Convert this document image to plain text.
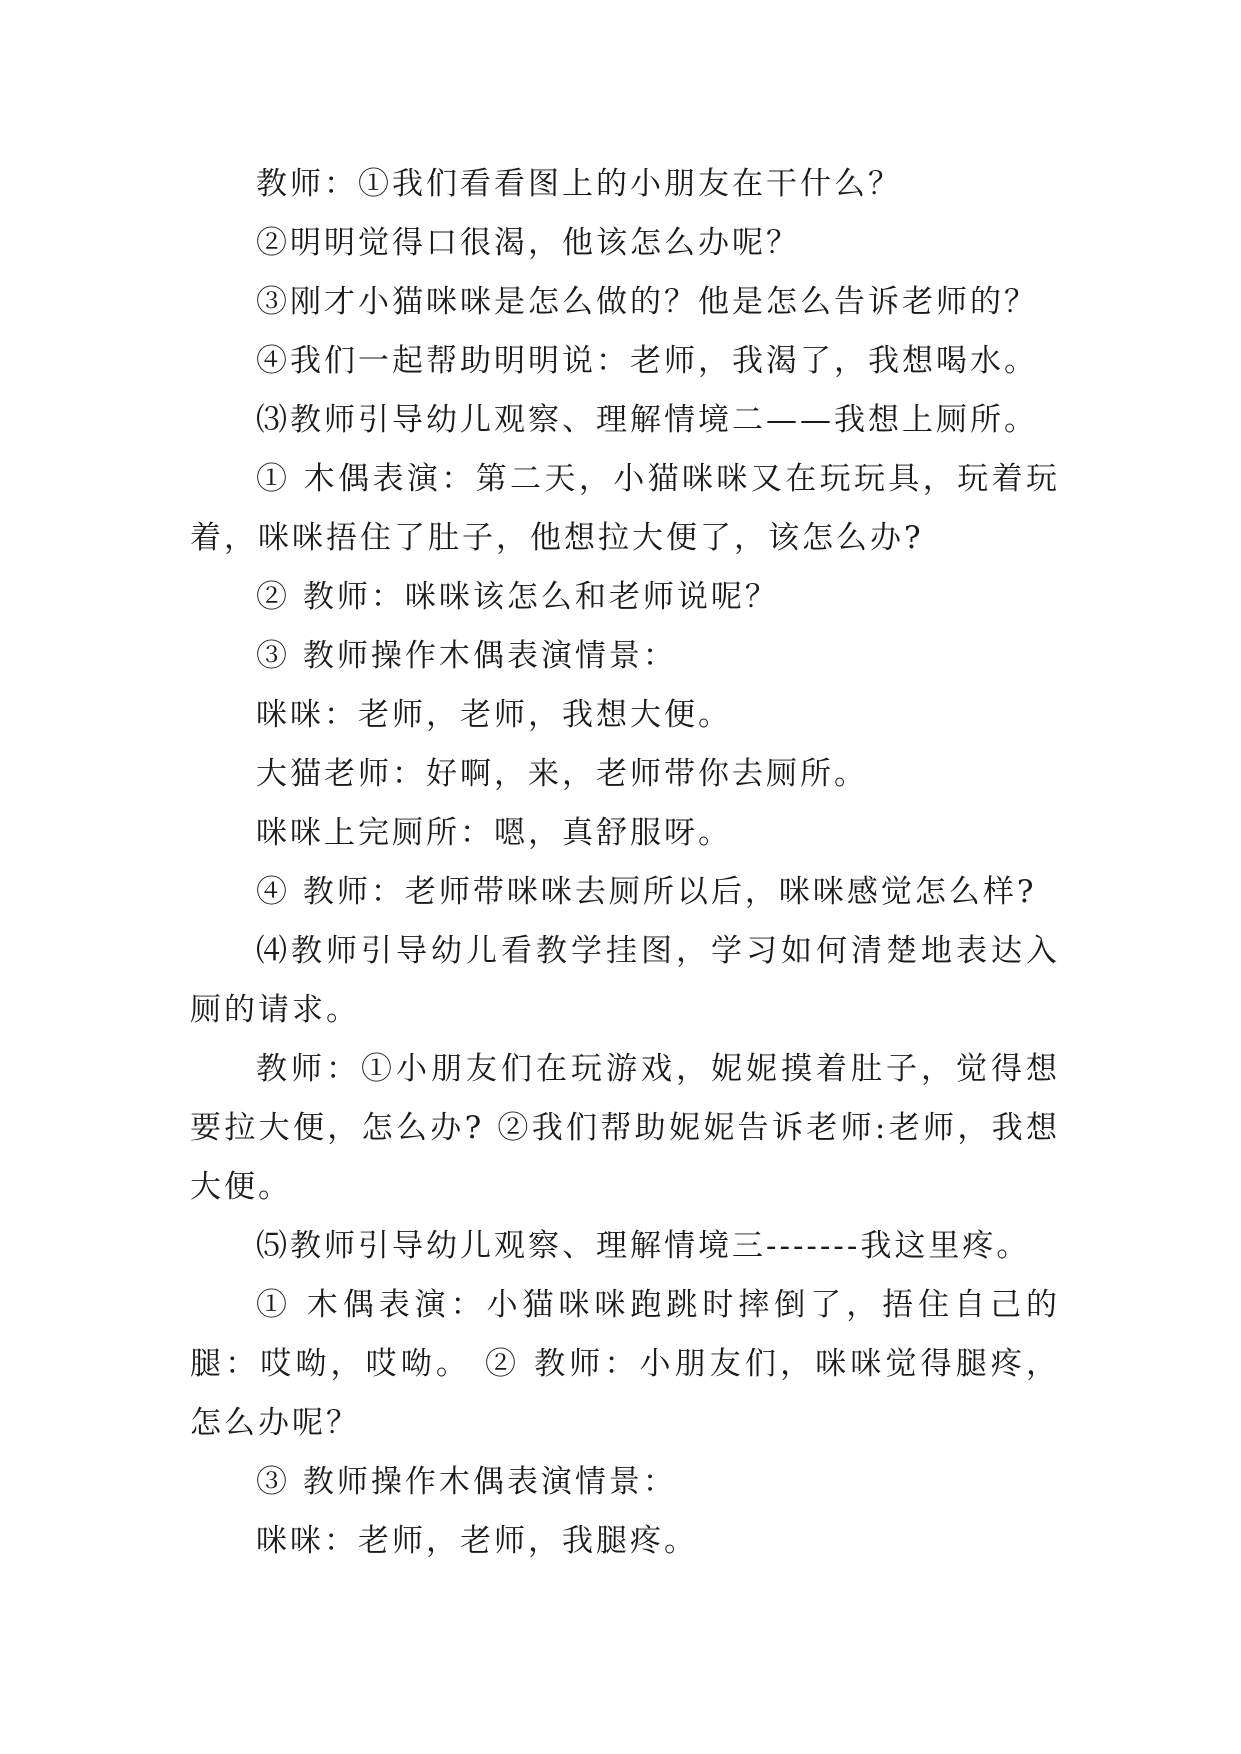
教师：①我们看看图上的小朋友在干什么？

②明明觉得口很渴，他该怎么办呢？

③刚才小猫咪咪是怎么做的？他是怎么告诉老师的？

④我们一起帮助明明说：老师，我渴了，我想喝水。

⑶教师引导幼儿观察、理解情境二——我想上厕所。

① 木偶表演：第二天，小猫咪咪又在玩玩具，玩着玩着，咪咪捂住了肚子，他想拉大便了，该怎么办?

② 教师：咪咪该怎么和老师说呢？

③ 教师操作木偶表演情景：

咪咪：老师，老师，我想大便。

大猫老师：好啊，来，老师带你去厕所。

咪咪上完厕所：嗯，真舒服呀。

④ 教师：老师带咪咪去厕所以后，咪咪感觉怎么样?

⑷教师引导幼儿看教学挂图，学习如何清楚地表达入厕的请求。

教师：①小朋友们在玩游戏，妮妮摸着肚子，觉得想要拉大便，怎么办? ②我们帮助妮妮告诉老师:老师，我想大便。

⑸教师引导幼儿观察、理解情境三-------我这里疼。

① 木偶表演：小猫咪咪跑跳时摔倒了，捂住自己的腿：哎呦，哎呦。 ② 教师：小朋友们，咪咪觉得腿疼，怎么办呢？

③ 教师操作木偶表演情景：

咪咪：老师，老师，我腿疼。
